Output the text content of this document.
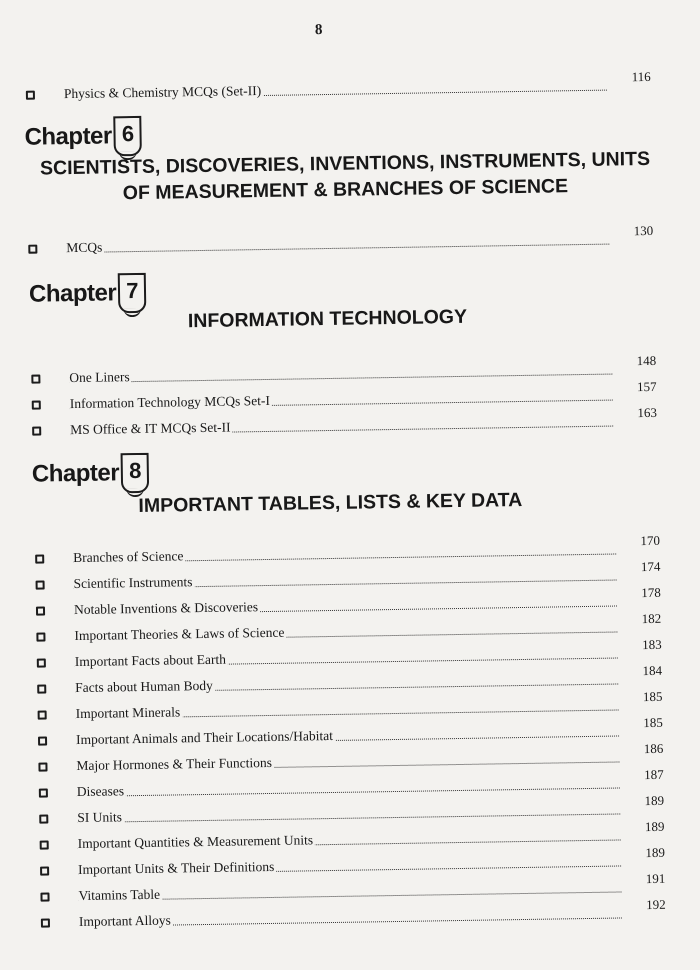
8
Physics & Chemistry MCQs (Set-II)
116
Chapter 6
SCIENTISTS, DISCOVERIES, INVENTIONS, INSTRUMENTS, UNITS
OF MEASUREMENT & BRANCHES OF SCIENCE
MCQs
130
Chapter 7
INFORMATION TECHNOLOGY
One Liners
148
Information Technology MCQs Set-I
157
MS Office & IT MCQs Set-II
163
Chapter 8
IMPORTANT TABLES, LISTS & KEY DATA
Branches of Science
170
Scientific Instruments
174
Notable Inventions & Discoveries
178
Important Theories & Laws of Science
182
Important Facts about Earth
183
Facts about Human Body
184
Important Minerals
185
Important Animals and Their Locations/Habitat
185
Major Hormones & Their Functions
186
Diseases
187
SI Units
189
Important Quantities & Measurement Units
189
Important Units & Their Definitions
189
Vitamins Table
191
Important Alloys
192
